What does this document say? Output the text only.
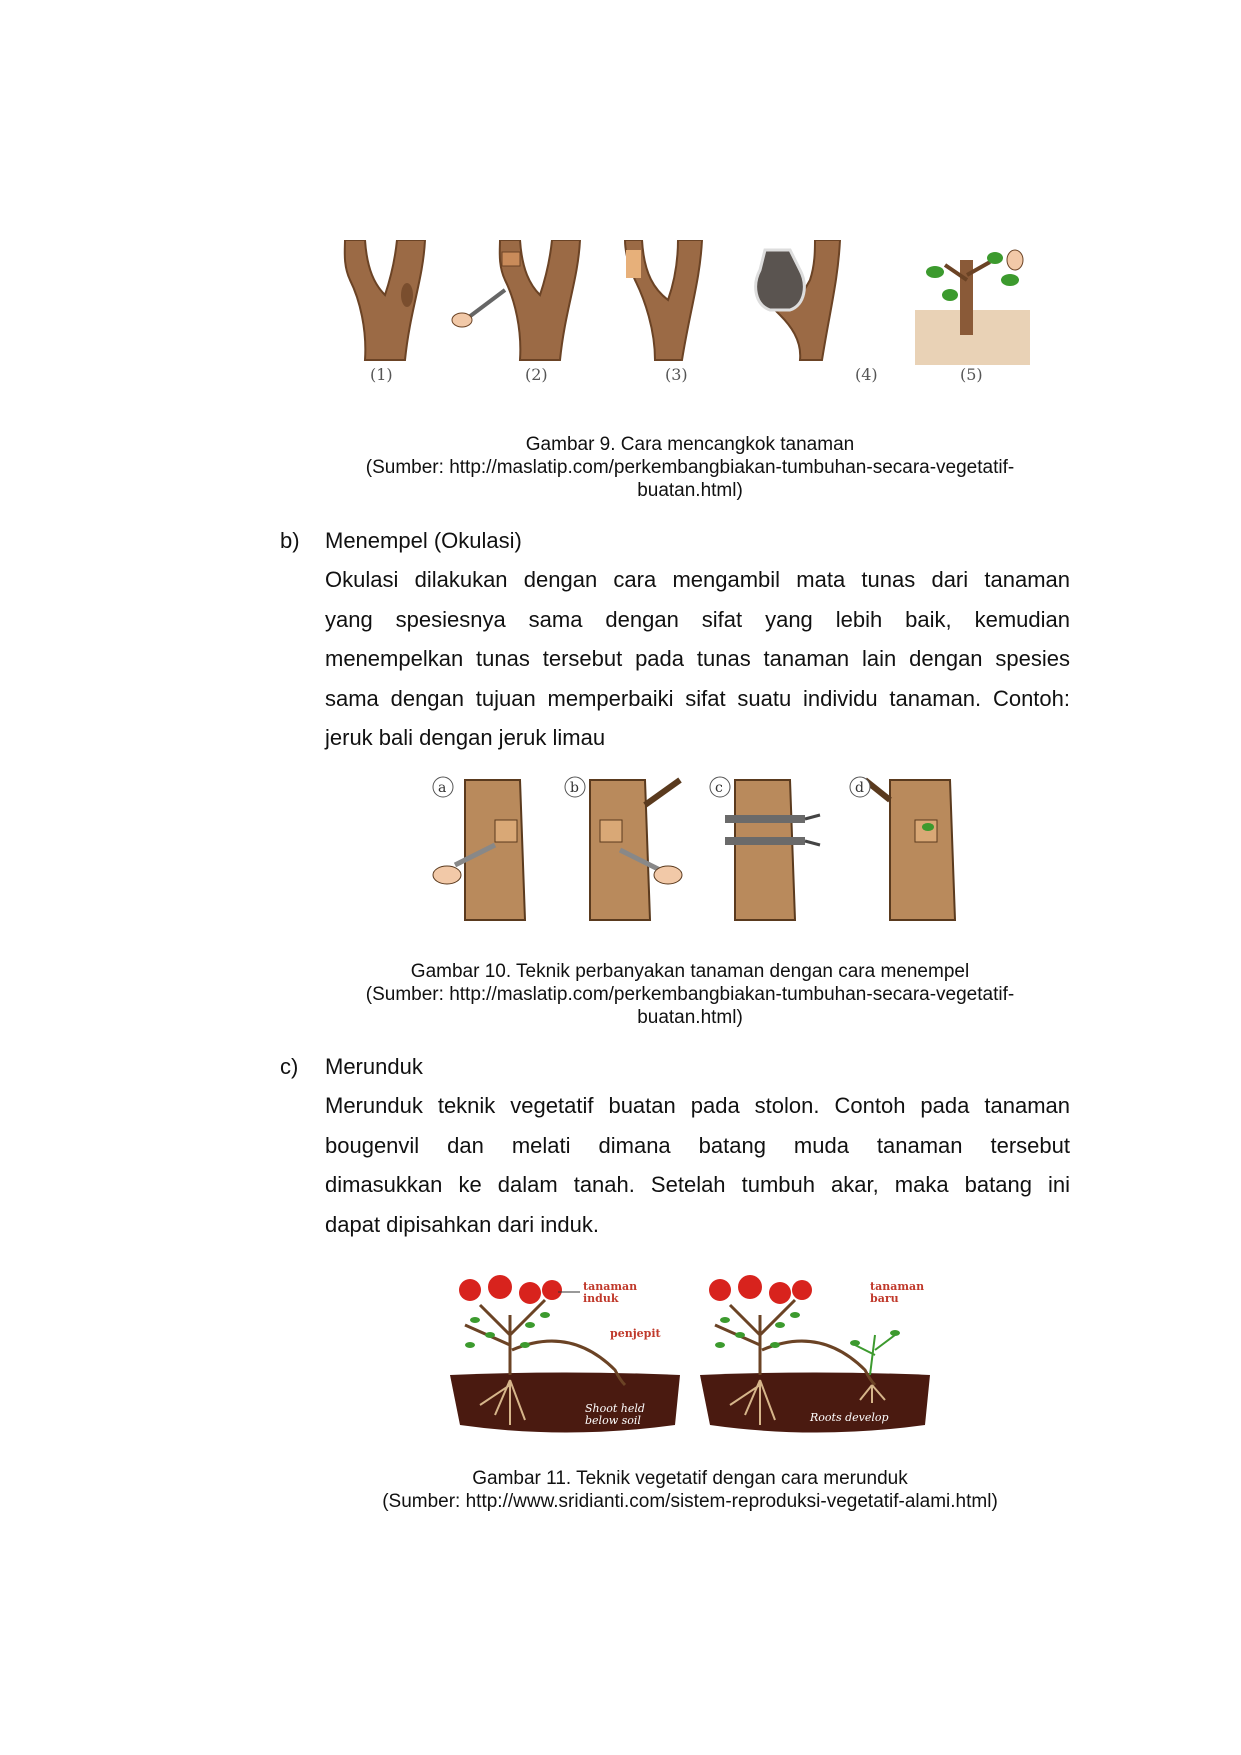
(1)	(2)	(3)	(4)	(5)
Gambar 9. Cara mencangkok tanaman
(Sumber: http://maslatip.com/perkembangbiakan-tumbuhan-secara-vegetatif-
buatan.html)
b) Menempel (Okulasi)
Okulasi dilakukan dengan cara mengambil mata tunas dari tanaman
yang spesiesnya sama dengan sifat yang lebih baik, kemudian
menempelkan tunas tersebut pada tunas tanaman lain dengan spesies
sama dengan tujuan memperbaiki sifat suatu individu tanaman. Contoh:
jeruk bali dengan jeruk limau
a	b	c	d
Gambar 10. Teknik perbanyakan tanaman dengan cara menempel
(Sumber: http://maslatip.com/perkembangbiakan-tumbuhan-secara-vegetatif-
buatan.html)
c) Merunduk
Merunduk teknik vegetatif buatan pada stolon. Contoh pada tanaman
bougenvil dan melati dimana batang muda tanaman tersebut
dimasukkan ke dalam tanah. Setelah tumbuh akar, maka batang ini
dapat dipisahkan dari induk.
tanaman
induk
penjepit
Shoot held
below soil
tanaman
baru
Roots develop
Gambar 11. Teknik vegetatif dengan cara merunduk
(Sumber: http://www.sridianti.com/sistem-reproduksi-vegetatif-alami.html)
